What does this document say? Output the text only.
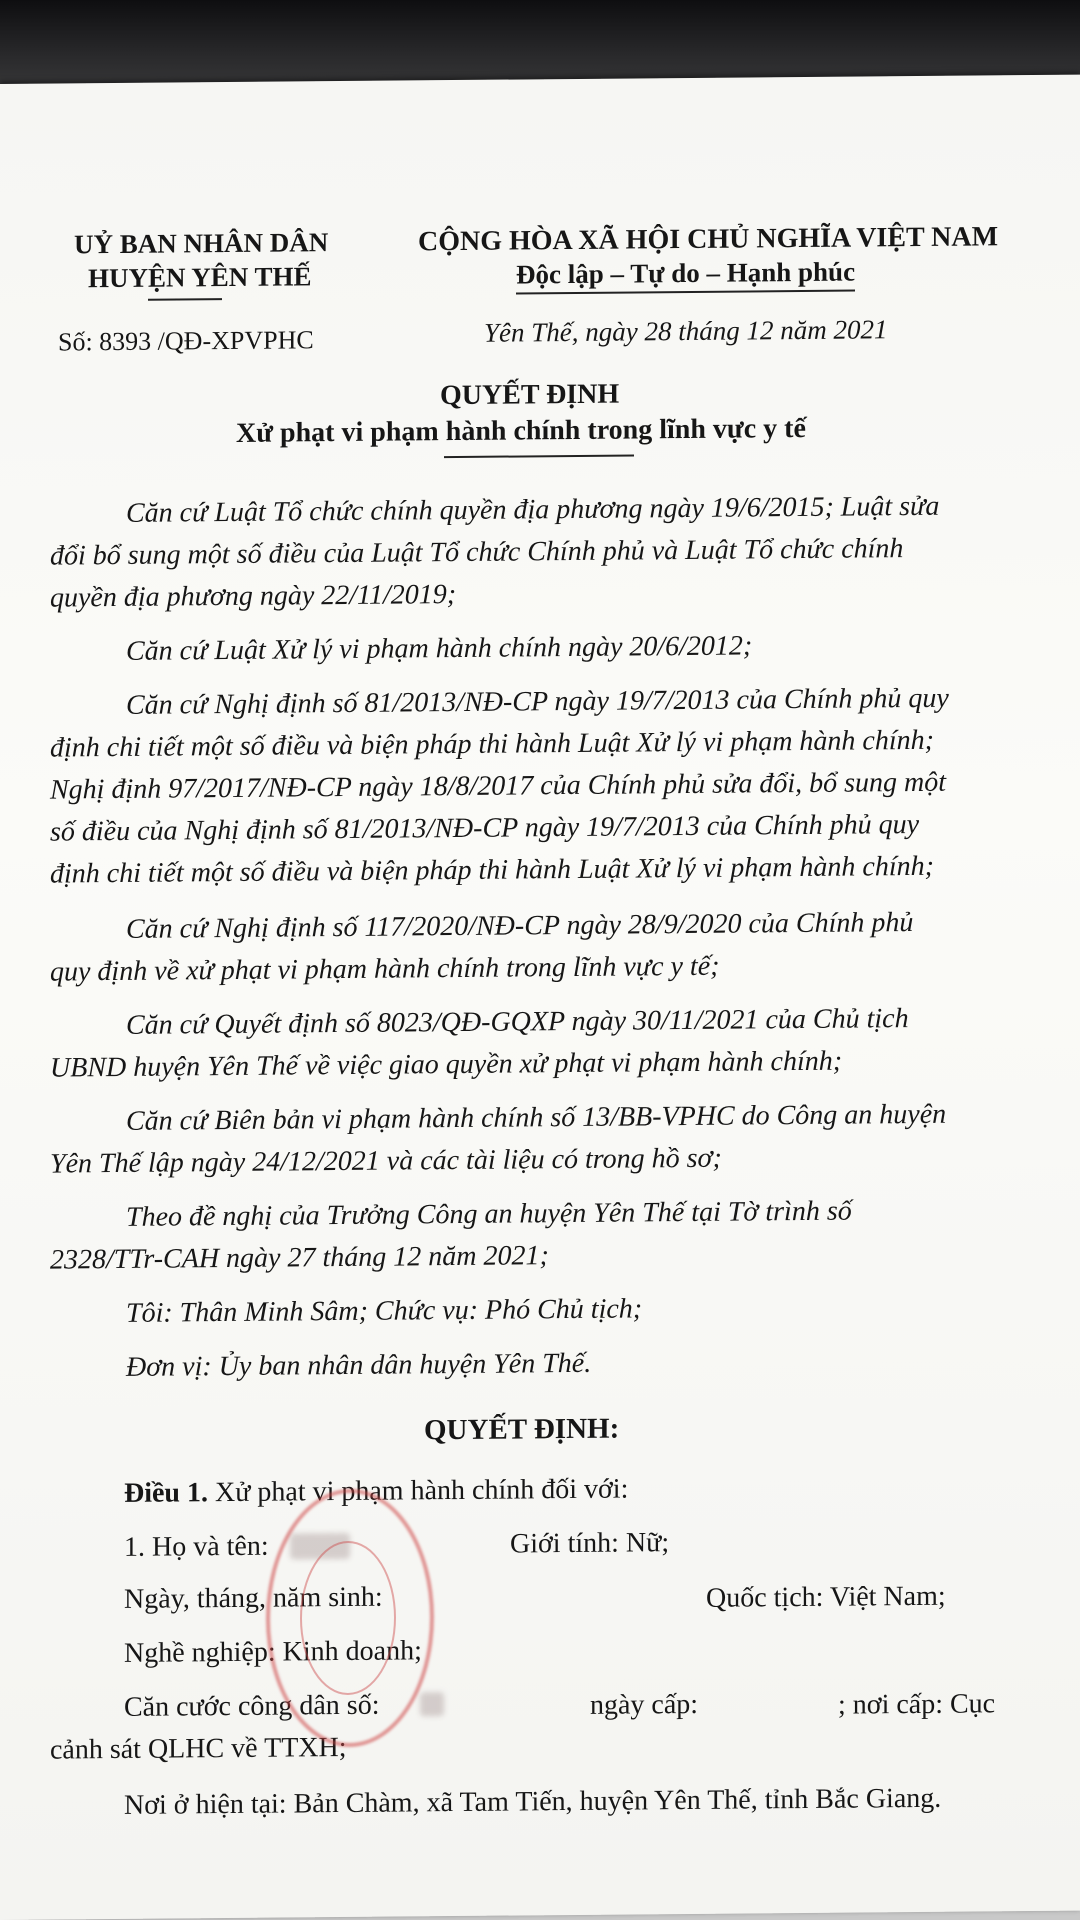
UỶ BAN NHÂN DÂN
HUYỆN YÊN THẾ
CỘNG HÒA XÃ HỘI CHỦ NGHĨA VIỆT NAM
Độc lập – Tự do – Hạnh phúc
Số: 8393 /QĐ-XPVPHC	Yên Thế, ngày 28 tháng 12 năm 2021
QUYẾT ĐỊNH
Xử phạt vi phạm hành chính trong lĩnh vực y tế
Căn cứ Luật Tổ chức chính quyền địa phương ngày 19/6/2015; Luật sửa
đổi bổ sung một số điều của Luật Tổ chức Chính phủ và Luật Tổ chức chính
quyền địa phương ngày 22/11/2019;
Căn cứ Luật Xử lý vi phạm hành chính ngày 20/6/2012;
Căn cứ Nghị định số 81/2013/NĐ-CP ngày 19/7/2013 của Chính phủ quy
định chi tiết một số điều và biện pháp thi hành Luật Xử lý vi phạm hành chính;
Nghị định 97/2017/NĐ-CP ngày 18/8/2017 của Chính phủ sửa đổi, bổ sung một
số điều của Nghị định số 81/2013/NĐ-CP ngày 19/7/2013 của Chính phủ quy
định chi tiết một số điều và biện pháp thi hành Luật Xử lý vi phạm hành chính;
Căn cứ Nghị định số 117/2020/NĐ-CP ngày 28/9/2020 của Chính phủ
quy định về xử phạt vi phạm hành chính trong lĩnh vực y tế;
Căn cứ Quyết định số 8023/QĐ-GQXP ngày 30/11/2021 của Chủ tịch
UBND huyện Yên Thế về việc giao quyền xử phạt vi phạm hành chính;
Căn cứ Biên bản vi phạm hành chính số 13/BB-VPHC do Công an huyện
Yên Thế lập ngày 24/12/2021 và các tài liệu có trong hồ sơ;
Theo đề nghị của Trưởng Công an huyện Yên Thế tại Tờ trình số
2328/TTr-CAH ngày 27 tháng 12 năm 2021;
Tôi: Thân Minh Sâm; Chức vụ: Phó Chủ tịch;
Đơn vị: Ủy ban nhân dân huyện Yên Thế.
QUYẾT ĐỊNH:
Điều 1. Xử phạt vi phạm hành chính đối với:
1. Họ và tên:	Giới tính: Nữ;
Ngày, tháng, năm sinh:	Quốc tịch: Việt Nam;
Nghề nghiệp: Kinh doanh;
Căn cước công dân số:	ngày cấp:	; nơi cấp: Cục
cảnh sát QLHC về TTXH;
Nơi ở hiện tại: Bản Chàm, xã Tam Tiến, huyện Yên Thế, tỉnh Bắc Giang.
